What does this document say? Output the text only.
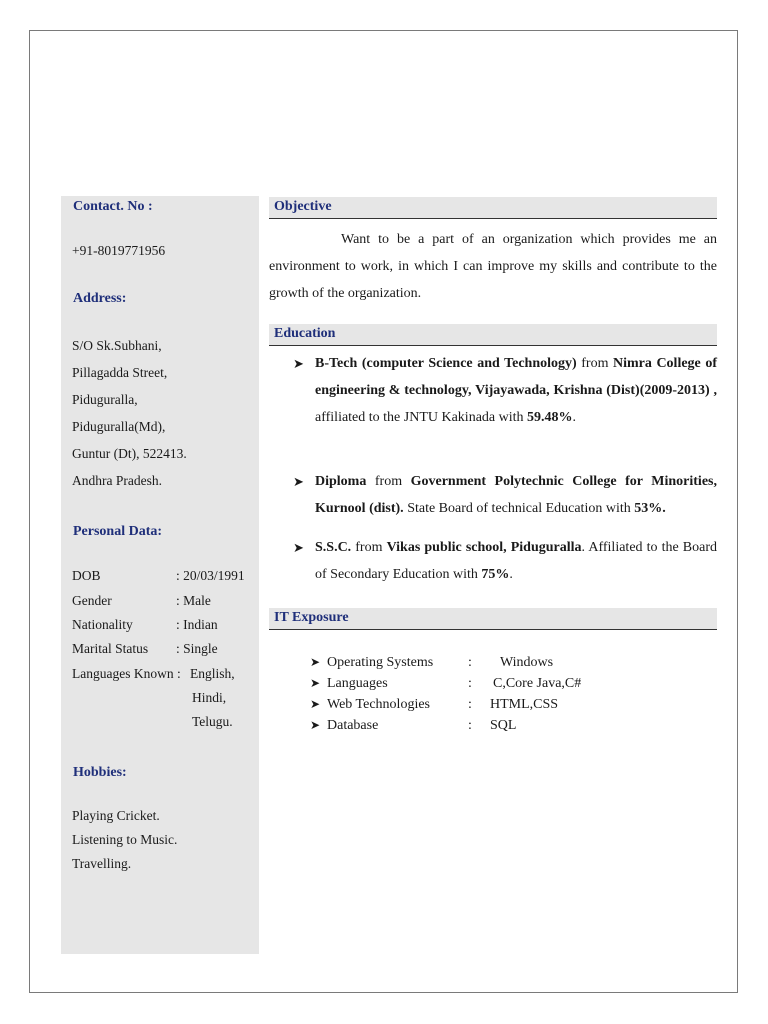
Contact. No :
+91-8019771956
Address:
S/O Sk.Subhani,
Pillagadda Street,
Piduguralla,
Piduguralla(Md),
Guntur (Dt), 522413.
Andhra Pradesh.
Personal Data:
DOB	: 20/03/1991
Gender	: Male
Nationality	: Indian
Marital Status : Single
Languages Known : English,
Hindi,
Telugu.
Hobbies:
Playing Cricket.
Listening to Music.
Travelling.
Objective
Want to be a part of an organization which provides me an environment to work, in which I can improve my skills and contribute to the growth of the organization.
Education
➤ B-Tech (computer Science and Technology) from Nimra College of engineering & technology, Vijayawada, Krishna (Dist)(2009-2013) , affiliated to the JNTU Kakinada with 59.48%.
➤ Diploma from Government Polytechnic College for Minorities, Kurnool (dist). State Board of technical Education with 53%.
➤ S.S.C. from Vikas public school, Piduguralla. Affiliated to the Board of Secondary Education with 75%.
IT Exposure
➤ Operating Systems : Windows
➤ Languages	: C,Core Java,C#
➤ Web Technologies	: HTML,CSS
➤ Database	: SQL
